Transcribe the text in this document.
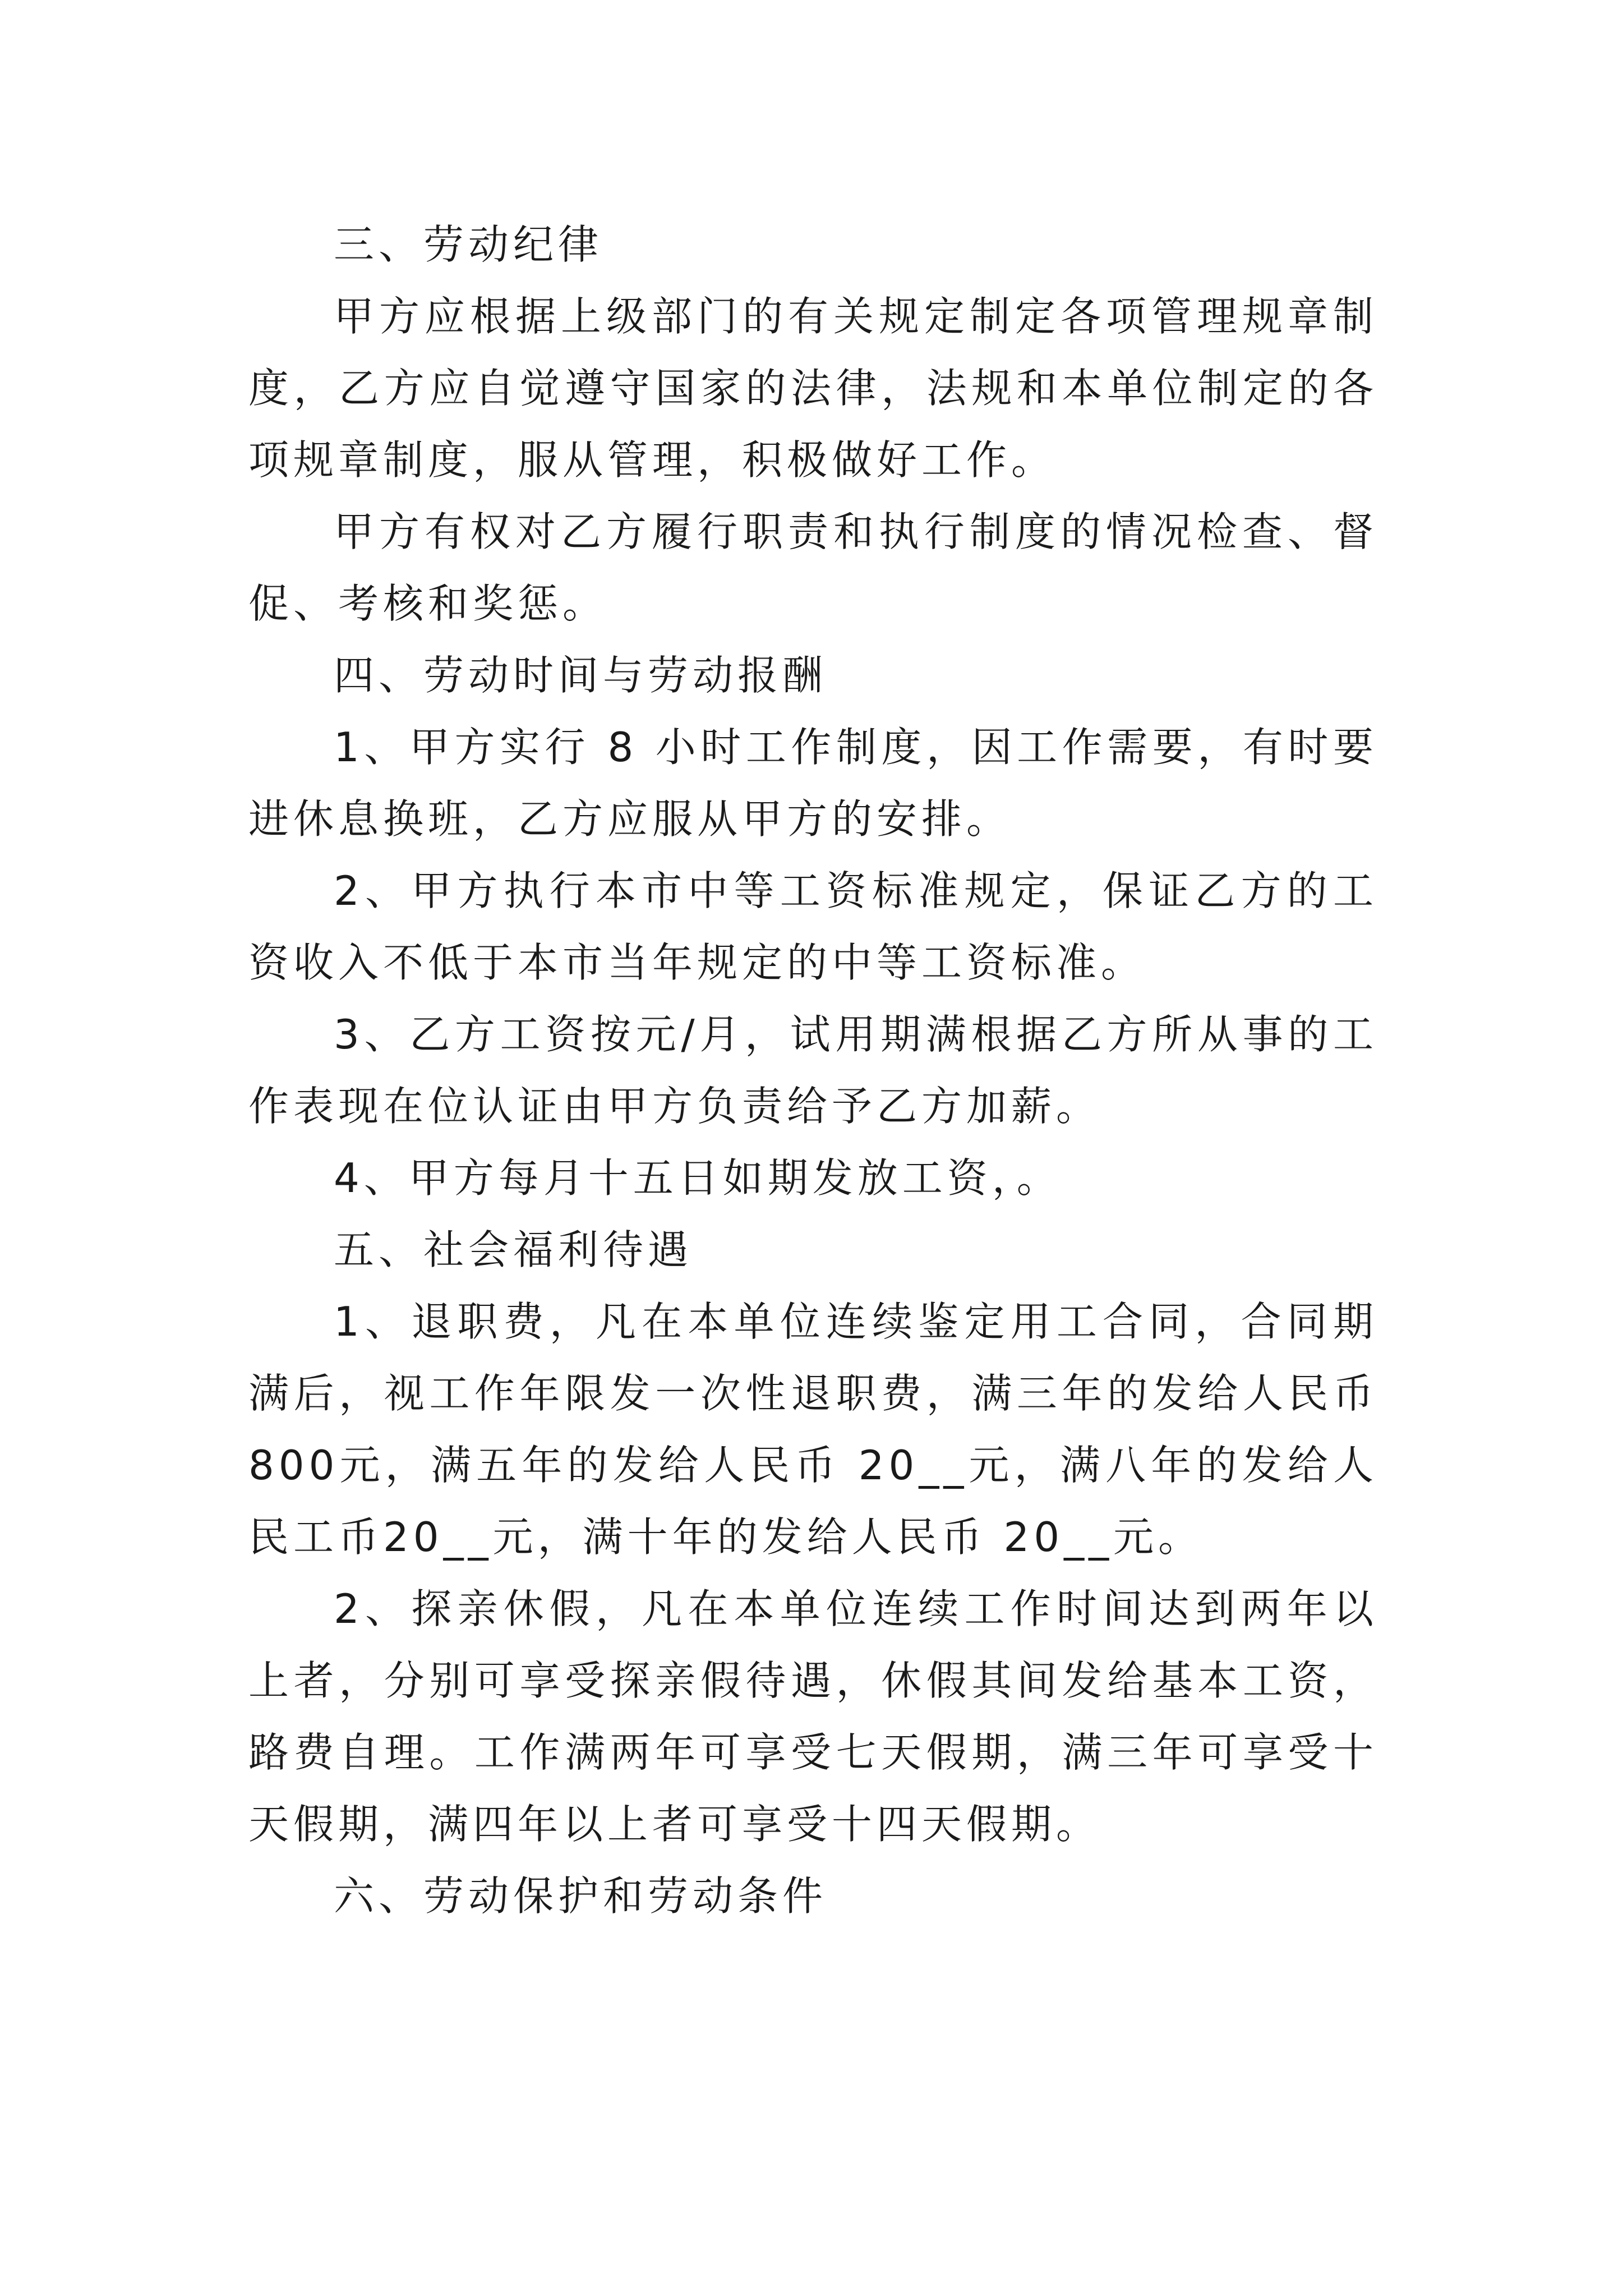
三、劳动纪律

甲方应根据上级部门的有关规定制定各项管理规章制度，乙方应自觉遵守国家的法律，法规和本单位制定的各项规章制度，服从管理，积极做好工作。

甲方有权对乙方履行职责和执行制度的情况检查、督促、考核和奖惩。

四、劳动时间与劳动报酬

1、甲方实行 8 小时工作制度，因工作需要，有时要进休息换班，乙方应服从甲方的安排。

2、甲方执行本市中等工资标准规定，保证乙方的工资收入不低于本市当年规定的中等工资标准。

3、乙方工资按元/月，试用期满根据乙方所从事的工作表现在位认证由甲方负责给予乙方加薪。

4、甲方每月十五日如期发放工资，。

五、社会福利待遇

1、退职费，凡在本单位连续鉴定用工合同，合同期满后，视工作年限发一次性退职费，满三年的发给人民币 800元，满五年的发给人民币 20__元，满八年的发给人民工币20__元，满十年的发给人民币 20__元。

2、探亲休假，凡在本单位连续工作时间达到两年以上者，分别可享受探亲假待遇，休假其间发给基本工资，路费自理。工作满两年可享受七天假期，满三年可享受十天假期，满四年以上者可享受十四天假期。

六、劳动保护和劳动条件
